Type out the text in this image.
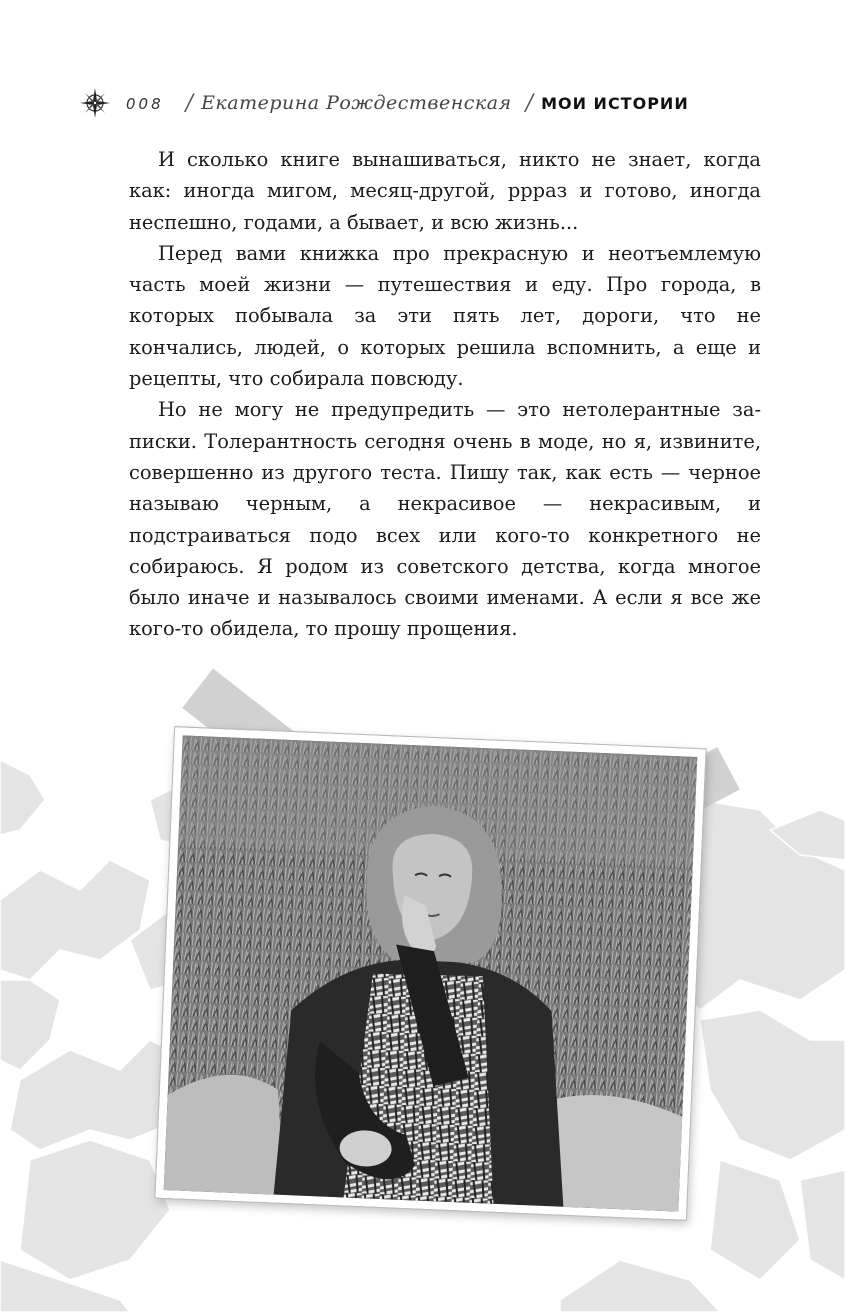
008 / Екатерина Рождественская / МОИ ИСТОРИИ

И сколько книге вынашиваться, никто не знает, когда как: иногда мигом, месяц-другой, рррaз и готово, иногда неспешно, годами, а бывает, и всю жизнь...

Перед вами книжка про прекрасную и неотъемлемую часть моей жизни — путешествия и еду. Про города, в которых побывала за эти пять лет, дороги, что не кончались, людей, о которых решила вспомнить, а еще и рецепты, что собирала повсюду.

Но не могу не предупредить — это нетолерантные записки. Толерантность сегодня очень в моде, но я, извините, совершенно из другого теста. Пишу так, как есть — черное называю черным, а некрасивое — некрасивым, и подстраиваться подо всех или кого-то конкретного не собираюсь. Я родом из советского детства, когда многое было иначе и называлось своими именами. А если я все же кого-то обидела, то прошу прощения.
